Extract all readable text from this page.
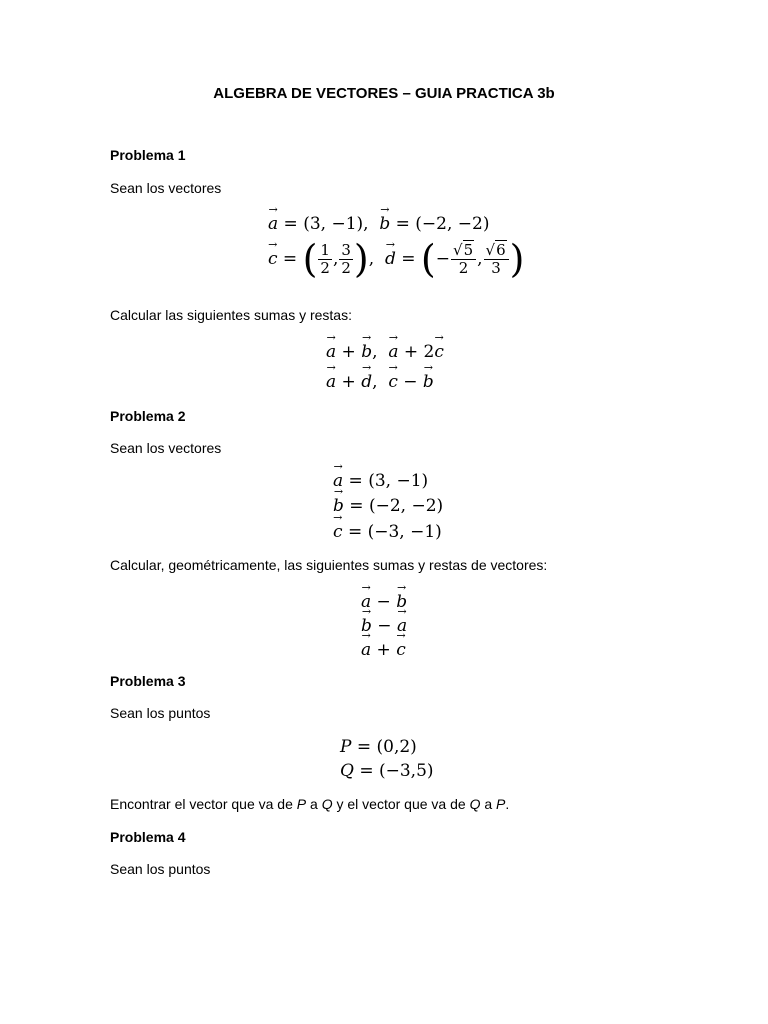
ALGEBRA DE VECTORES – GUIA PRACTICA 3b
Problema 1
Sean los vectores
→ a = (3, −1), → b = (−2, −2)
→ c = ( $\frac{1}{2}$ , $\frac{3}{2}$ ) , → d = ( − $\frac{√5}{2}$ , $\frac{√6}{3}$ )
Calcular las siguientes sumas y restas:
→ a + → b,  → a + 2→ c
→ a + → d,  → c − → b
Problema 2
Sean los vectores
→ a = (3, −1)
→ b = (−2, −2)
→ c = (−3, −1)
Calcular, geométricamente, las siguientes sumas y restas de vectores:
→ a − → b
→ b − → a
→ a + → c
Problema 3
Sean los puntos
P = (0,2)
Q = (−3,5)
Encontrar el vector que va de P a Q y el vector que va de Q a P.
Problema 4
Sean los puntos
